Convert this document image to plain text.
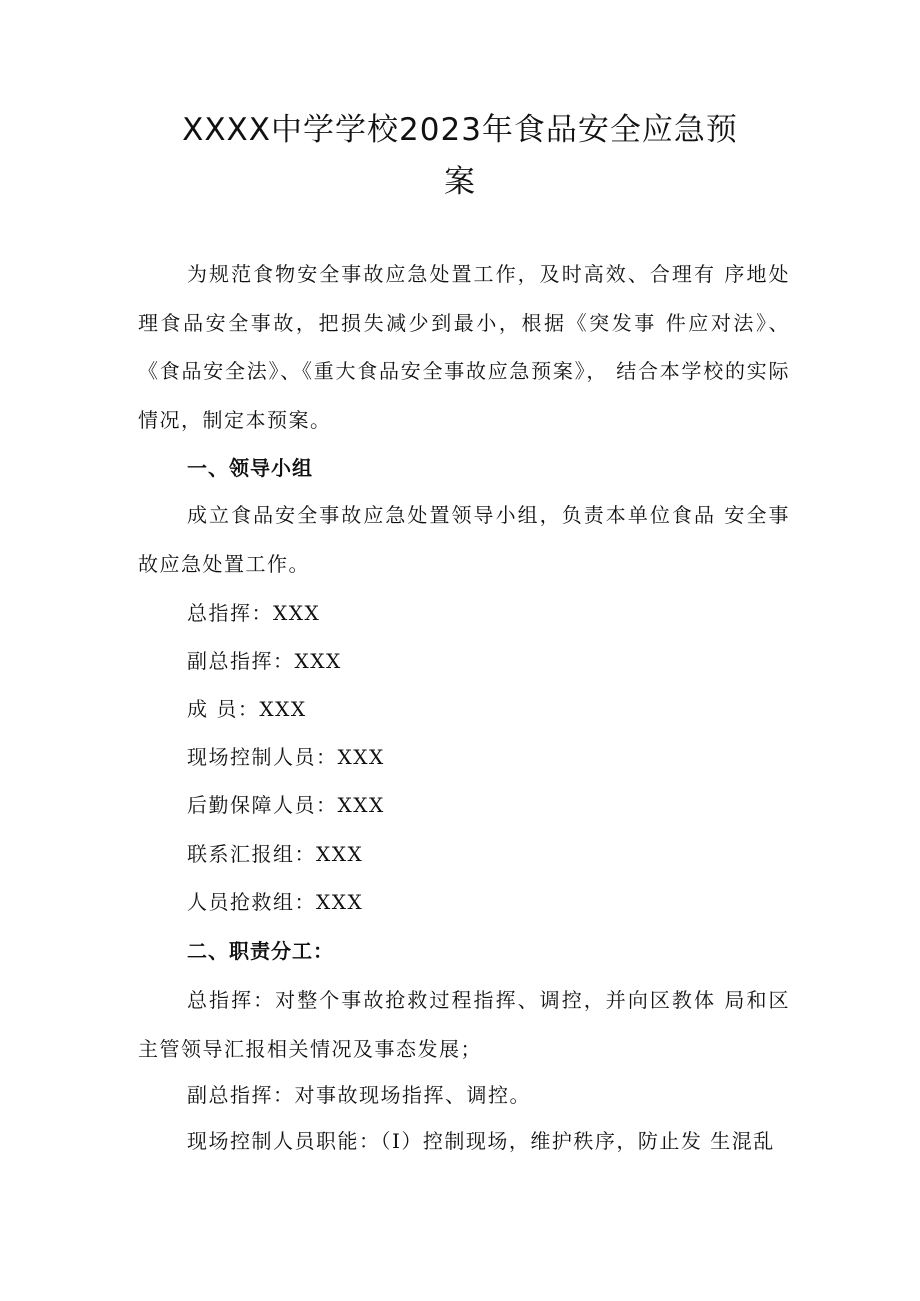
XXXX中学学校2023年食品安全应急预
案

为规范食物安全事故应急处置工作，及时高效、合理有 序地处理食品安全事故，把损失减少到最小，根据《突发事 件应对法》、《食品安全法》、《重大食品安全事故应急预案》， 结合本学校的实际情况，制定本预案。

一、领导小组

成立食品安全事故应急处置领导小组，负责本单位食品 安全事故应急处置工作。

总指挥：XXX

副总指挥：XXX

成 员：XXX

现场控制人员：XXX

后勤保障人员：XXX

联系汇报组：XXX

人员抢救组：XXX

二、职责分工：

总指挥：对整个事故抢救过程指挥、调控，并向区教体 局和区主管领导汇报相关情况及事态发展；

副总指挥：对事故现场指挥、调控。

现场控制人员职能：（I）控制现场，维护秩序，防止发 生混乱
